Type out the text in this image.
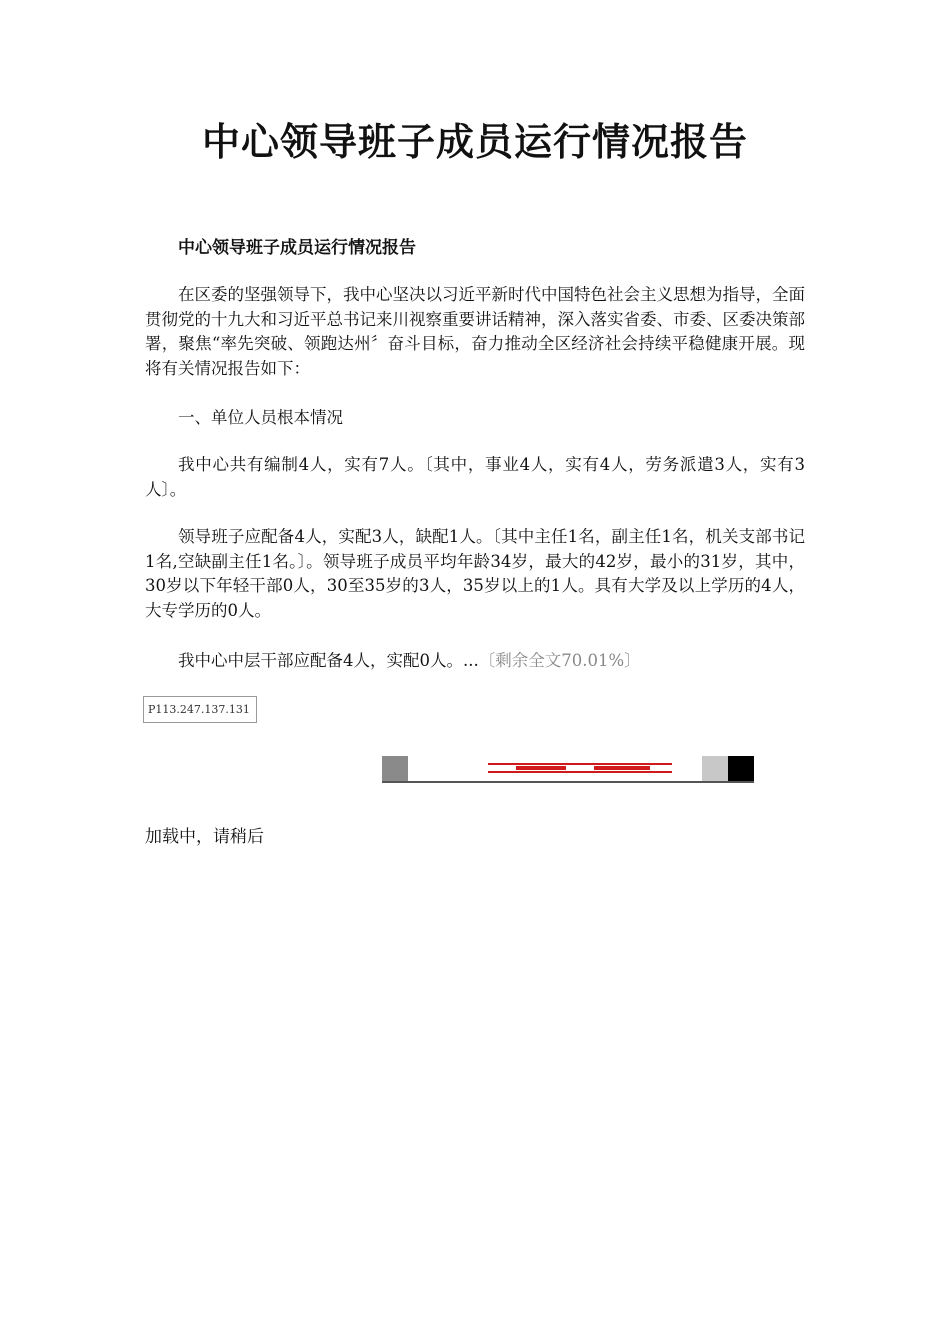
中心领导班子成员运行情况报告
中心领导班子成员运行情况报告

在区委的坚强领导下，我中心坚决以习近平新时代中国特色社会主义思想为指导，全面贯彻党的十九大和习近平总书记来川视察重要讲话精神，深入落实省委、市委、区委决策部署，聚焦“率先突破、领跑达州〞奋斗目标，奋力推动全区经济社会持续平稳健康开展。现将有关情况报告如下：

一、单位人员根本情况

我中心共有编制4人，实有7人。〔其中，事业4人，实有4人，劳务派遣3人，实有3人〕。

领导班子应配备4人，实配3人，缺配1人。〔其中主任1名，副主任1名，机关支部书记1名,空缺副主任1名。〕。领导班子成员平均年龄34岁，最大的42岁，最小的31岁，其中，30岁以下年轻干部0人，30至35岁的3人，35岁以上的1人。具有大学及以上学历的4人，大专学历的0人。

我中心中层干部应配备4人，实配0人。...〔剩余全文70.01%〕

P113.247.137.131
加载中，请稍后
